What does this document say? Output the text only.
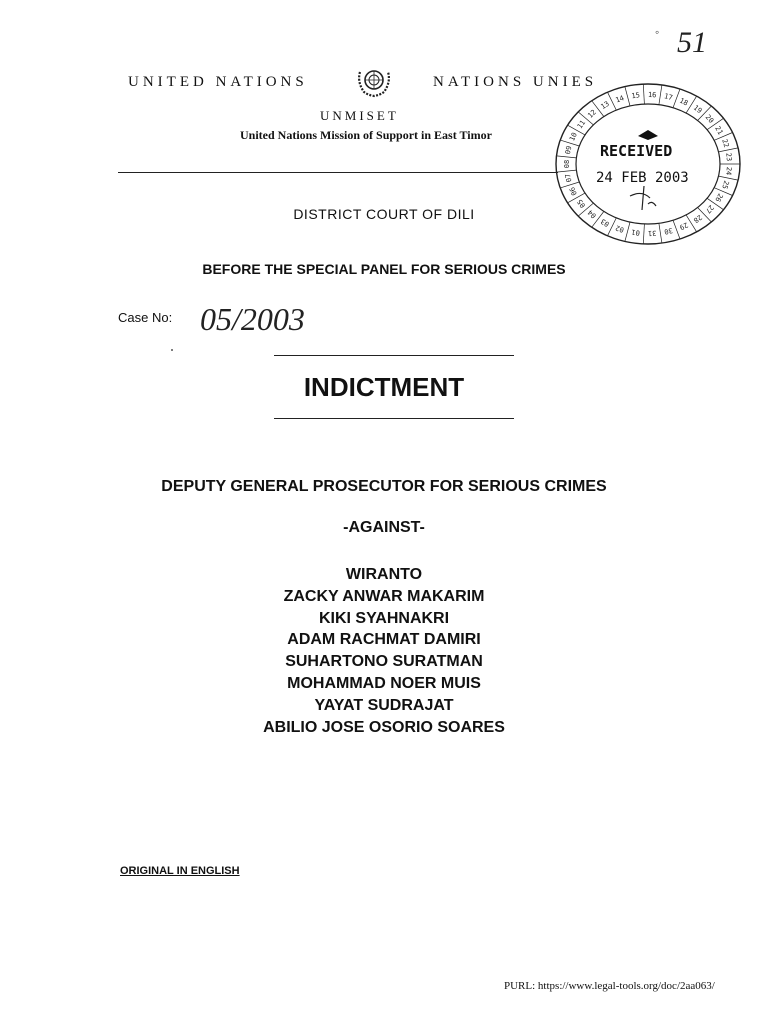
◦ 51
UNITED NATIONS	NATIONS UNIES
UNMISET
United Nations Mission of Support in East Timor
08
09
10
11
12
13
14 15 16 17 18
19
20
21
22
23
24
25
26
27
28
29
30
31
01
02
03
04
05
06
07
RECEIVED
24 FEB 2003
DISTRICT COURT OF DILI
BEFORE THE SPECIAL PANEL FOR SERIOUS CRIMES
Case No: 05/2003
INDICTMENT
DEPUTY GENERAL PROSECUTOR FOR SERIOUS CRIMES
-AGAINST-
WIRANTO
ZACKY ANWAR MAKARIM
KIKI SYAHNAKRI
ADAM RACHMAT DAMIRI
SUHARTONO SURATMAN
MOHAMMAD NOER MUIS
YAYAT SUDRAJAT
ABILIO JOSE OSORIO SOARES
ORIGINAL IN ENGLISH
PURL: https://www.legal-tools.org/doc/2aa063/
